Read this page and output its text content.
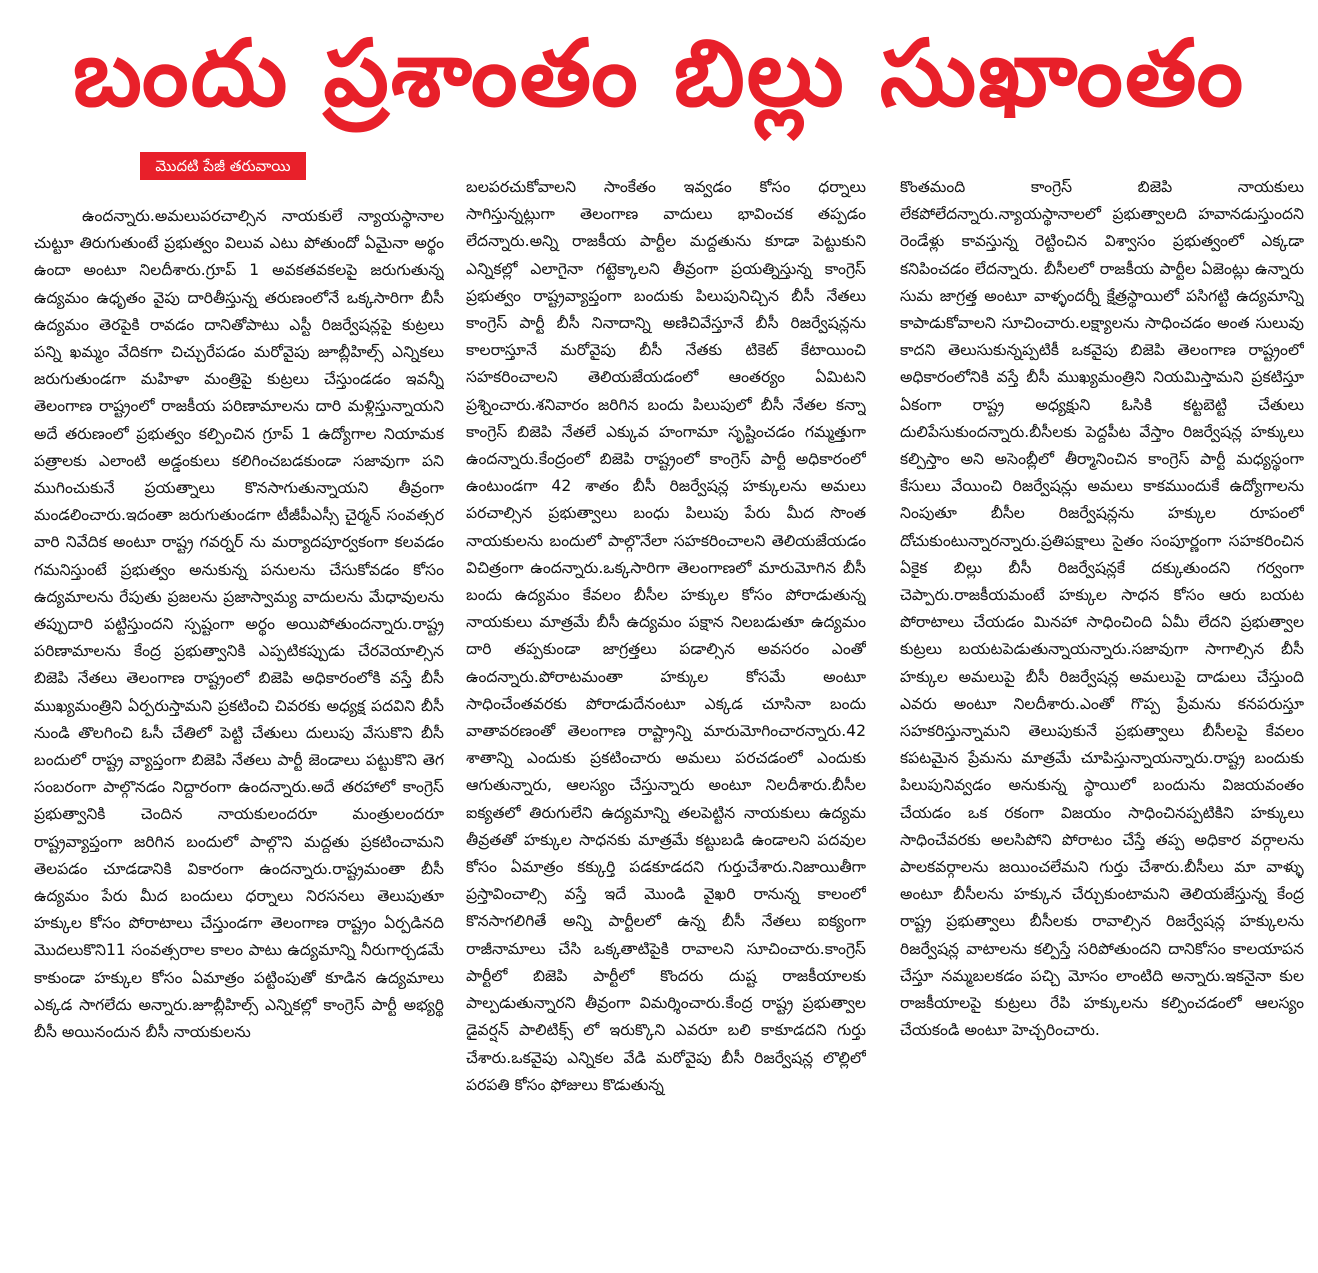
బందు ప్రశాంతం బిల్లు సుఖాంతం
మొదటి పేజీ తరువాయి
ఉందన్నారు.అమలుపరచాల్సిన నాయకులే న్యాయస్థానాల చుట్టూ తిరుగుతుంటే ప్రభుత్వం విలువ ఎటు పోతుందో ఏమైనా అర్థం ఉందా అంటూ నిలదీశారు.గ్రూప్ 1 అవకతవకలపై జరుగుతున్న ఉద్యమం ఉధృతం వైపు దారితీస్తున్న తరుణంలోనే ఒక్కసారిగా బీసీ ఉద్యమం తెరపైకి రావడం దానితోపాటు ఎస్టీ రిజర్వేషన్లపై కుట్రలు పన్ని ఖమ్మం వేదికగా చిచ్చురేపడం మరోవైపు జూబ్లీహిల్స్ ఎన్నికలు జరుగుతుండగా మహిళా మంత్రిపై కుట్రలు చేస్తుండడం ఇవన్నీ తెలంగాణ రాష్ట్రంలో రాజకీయ పరిణామాలను దారి మళ్లిస్తున్నాయని అదే తరుణంలో ప్రభుత్వం కల్పించిన గ్రూప్ 1 ఉద్యోగాల నియామక పత్రాలకు ఎలాంటి అడ్డంకులు కలిగించబడకుండా సజావుగా పని ముగించుకునే ప్రయత్నాలు కొనసాగుతున్నాయని తీవ్రంగా మండలించారు.ఇదంతా జరుగుతుండగా టీజీపీఎస్సీ చైర్మన్ సంవత్సర వారి నివేదిక అంటూ రాష్ట్ర గవర్నర్ ను మర్యాదపూర్వకంగా కలవడం గమనిస్తుంటే ప్రభుత్వం అనుకున్న పనులను చేసుకోవడం కోసం ఉద్యమాలను రేపుతు ప్రజలను ప్రజాస్వామ్య వాదులను మేధావులను తప్పుదారి పట్టిస్తుందని స్పష్టంగా అర్థం అయిపోతుందన్నారు.రాష్ట్ర పరిణామాలను కేంద్ర ప్రభుత్వానికి ఎప్పటికప్పుడు చేరవెయాల్సిన బిజెపి నేతలు తెలంగాణ రాష్ట్రంలో బిజెపి అధికారంలోకి వస్తే బీసీ ముఖ్యమంత్రిని ఏర్పరుస్తామని ప్రకటించి చివరకు అధ్యక్ష పదవిని బీసీ నుండి తొలగించి ఓసీ చేతిలో పెట్టి చేతులు దులుపు వేసుకొని బీసీ బందులో రాష్ట్ర వ్యాప్తంగా బిజెపి నేతలు పార్టీ జెండాలు పట్టుకొని తెగ సంబరంగా పాల్గొనడం నిద్దారంగా ఉందన్నారు.అదే తరహాలో కాంగ్రెస్ ప్రభుత్వానికి చెందిన నాయకులందరూ మంత్రులందరూ రాష్ట్రవ్యాప్తంగా జరిగిన బందులో పాల్గొని మద్దతు ప్రకటించామని తెలపడం చూడడానికి వికారంగా ఉందన్నారు.రాష్ట్రమంతా బీసీ ఉద్యమం పేరు మీద బందులు ధర్నాలు నిరసనలు తెలుపుతూ హక్కుల కోసం పోరాటాలు చేస్తుండగా తెలంగాణ రాష్ట్రం ఏర్పడినది మొదలుకొని11 సంవత్సరాల కాలం పాటు ఉద్యమాన్ని నీరుగార్చడమే కాకుండా హక్కుల కోసం ఏమాత్రం పట్టింపుతో కూడిన ఉద్యమాలు ఎక్కడ సాగలేదు అన్నారు.జూబ్లీహిల్స్ ఎన్నికల్లో కాంగ్రెస్ పార్టీ అభ్యర్థి బీసీ అయినందున బీసీ నాయకులను
బలపరచుకోవాలని సాంకేతం ఇవ్వడం కోసం ధర్నాలు సాగిస్తున్నట్లుగా తెలంగాణ వాదులు భావించక తప్పడం లేదన్నారు.అన్ని రాజకీయ పార్టీల మద్దతును కూడా పెట్టుకుని ఎన్నికల్లో ఎలాగైనా గట్టెక్కాలని తీవ్రంగా ప్రయత్నిస్తున్న కాంగ్రెస్ ప్రభుత్వం రాష్ట్రవ్యాప్తంగా బందుకు పిలుపునిచ్చిన బీసీ నేతలు కాంగ్రెస్ పార్టీ బీసీ నినాదాన్ని అణిచివేస్తూనే బీసీ రిజర్వేషన్లను కాలరాస్తూనే మరోవైపు బీసీ నేతకు టికెట్ కేటాయించి సహకరించాలని తెలియజేయడంలో ఆంతర్యం ఏమిటని ప్రశ్నించారు.శనివారం జరిగిన బందు పిలుపులో బీసీ నేతల కన్నా కాంగ్రెస్ బిజెపి నేతలే ఎక్కువ హంగామా సృష్టించడం గమ్మత్తుగా ఉందన్నారు.కేంద్రంలో బిజెపి రాష్ట్రంలో కాంగ్రెస్ పార్టీ అధికారంలో ఉంటుండగా 42 శాతం బీసీ రిజర్వేషన్ల హక్కులను అమలు పరచాల్సిన ప్రభుత్వాలు బంధు పిలుపు పేరు మీద సొంత నాయకులను బందులో పాల్గొనేలా సహకరించాలని తెలియజేయడం విచిత్రంగా ఉందన్నారు.ఒక్కసారిగా తెలంగాణలో మారుమోగిన బీసీ బందు ఉద్యమం కేవలం బీసీల హక్కుల కోసం పోరాడుతున్న నాయకులు మాత్రమే బీసీ ఉద్యమం పక్షాన నిలబడుతూ ఉద్యమం దారి తప్పకుండా జాగ్రత్తలు పడాల్సిన అవసరం ఎంతో ఉందన్నారు.పోరాటమంతా హక్కుల కోసమే అంటూ సాధించేంతవరకు పోరాడుదేనంటూ ఎక్కడ చూసినా బందు వాతావరణంతో తెలంగాణ రాష్ట్రాన్ని మారుమోగించారన్నారు.42 శాతాన్ని ఎందుకు ప్రకటించారు అమలు పరచడంలో ఎందుకు ఆగుతున్నారు, ఆలస్యం చేస్తున్నారు అంటూ నిలదీశారు.బీసీల ఐక్యతలో తిరుగులేని ఉద్యమాన్ని తలపెట్టిన నాయకులు ఉద్యమ తీవ్రతతో హక్కుల సాధనకు మాత్రమే కట్టుబడి ఉండాలని పదవుల కోసం ఏమాత్రం కక్కుర్తి పడకూడదని గుర్తుచేశారు.నిజాయితీగా ప్రస్తావించాల్సి వస్తే ఇదే మొండి వైఖరి రానున్న కాలంలో కొనసాగలిగితే అన్ని పార్టీలలో ఉన్న బీసీ నేతలు ఐక్యంగా రాజీనామాలు చేసి ఒక్కతాటిపైకి రావాలని సూచించారు.కాంగ్రెస్ పార్టీలో బిజెపి పార్టీలో కొందరు దుష్ట రాజకీయాలకు పాల్పడుతున్నారని తీవ్రంగా విమర్శించారు.కేంద్ర రాష్ట్ర ప్రభుత్వాల డైవర్షన్ పాలిటిక్స్ లో ఇరుక్కొని ఎవరూ బలి కాకూడదని గుర్తు చేశారు.ఒకవైపు ఎన్నికల వేడి మరోవైపు బీసీ రిజర్వేషన్ల లొల్లిలో పరపతి కోసం ఫోజులు కొడుతున్న
కొంతమంది కాంగ్రెస్ బిజెపి నాయకులు లేకపోలేదన్నారు.న్యాయస్థానాలలో ప్రభుత్వాలది హవానడుస్తుందని రెండేళ్లు కావస్తున్న రెట్టించిన విశ్వాసం ప్రభుత్వంలో ఎక్కడా కనిపించడం లేదన్నారు. బీసీలలో రాజకీయ పార్టీల ఏజెంట్లు ఉన్నారు సుమ జాగ్రత్త అంటూ వాళ్ళందర్నీ క్షేత్రస్థాయిలో పసిగట్టి ఉద్యమాన్ని కాపాడుకోవాలని సూచించారు.లక్ష్యాలను సాధించడం అంత సులువు కాదని తెలుసుకున్నప్పటికీ ఒకవైపు బిజెపి తెలంగాణ రాష్ట్రంలో అధికారంలోనికి వస్తే బీసీ ముఖ్యమంత్రిని నియమిస్తామని ప్రకటిస్తూ ఏకంగా రాష్ట్ర అధ్యక్షుని ఓసికి కట్టబెట్టి చేతులు దులిపేసుకుందన్నారు.బీసీలకు పెద్దపీట వేస్తాం రిజర్వేషన్ల హక్కులు కల్పిస్తాం అని అసెంబ్లీలో తీర్మానించిన కాంగ్రెస్ పార్టీ మధ్యస్థంగా కేసులు వేయించి రిజర్వేషన్లు అమలు కాకముందుకే ఉద్యోగాలను నింపుతూ బీసీల రిజర్వేషన్లను హక్కుల రూపంలో దోచుకుంటున్నారన్నారు.ప్రతిపక్షాలు సైతం సంపూర్ణంగా సహకరించిన ఏకైక బిల్లు బీసీ రిజర్వేషన్లకే దక్కుతుందని గర్వంగా చెప్పారు.రాజకీయమంటే హక్కుల సాధన కోసం ఆరు బయట పోరాటాలు చేయడం మినహా సాధించింది ఏమీ లేదని ప్రభుత్వాల కుట్రలు బయటపెడుతున్నాయన్నారు.సజావుగా సాగాల్సిన బీసీ హక్కుల అమలుపై బీసీ రిజర్వేషన్ల అమలుపై దాడులు చేస్తుంది ఎవరు అంటూ నిలదీశారు.ఎంతో గొప్ప ప్రేమను కనపరుస్తూ సహకరిస్తున్నామని తెలుపుకునే ప్రభుత్వాలు బీసీలపై కేవలం కపటమైన ప్రేమను మాత్రమే చూపిస్తున్నాయన్నారు.రాష్ట్ర బందుకు పిలుపునివ్వడం అనుకున్న స్థాయిలో బందును విజయవంతం చేయడం ఒక రకంగా విజయం సాధించినప్పటికిని హక్కులు సాధించేవరకు అలసిపోని పోరాటం చేస్తే తప్ప అధికార వర్గాలను పాలకవర్గాలను జయించలేమని గుర్తు చేశారు.బీసీలు మా వాళ్ళు అంటూ బీసీలను హక్కున చేర్చుకుంటామని తెలియజేస్తున్న కేంద్ర రాష్ట్ర ప్రభుత్వాలు బీసీలకు రావాల్సిన రిజర్వేషన్ల హక్కులను రిజర్వేషన్ల వాటాలను కల్పిస్తే సరిపోతుందని దానికోసం కాలయాపన చేస్తూ నమ్మబలకడం పచ్చి మోసం లాంటిది అన్నారు.ఇకనైనా కుల రాజకీయాలపై కుట్రలు రేపి హక్కులను కల్పించడంలో ఆలస్యం చేయకండి అంటూ హెచ్చరించారు.
